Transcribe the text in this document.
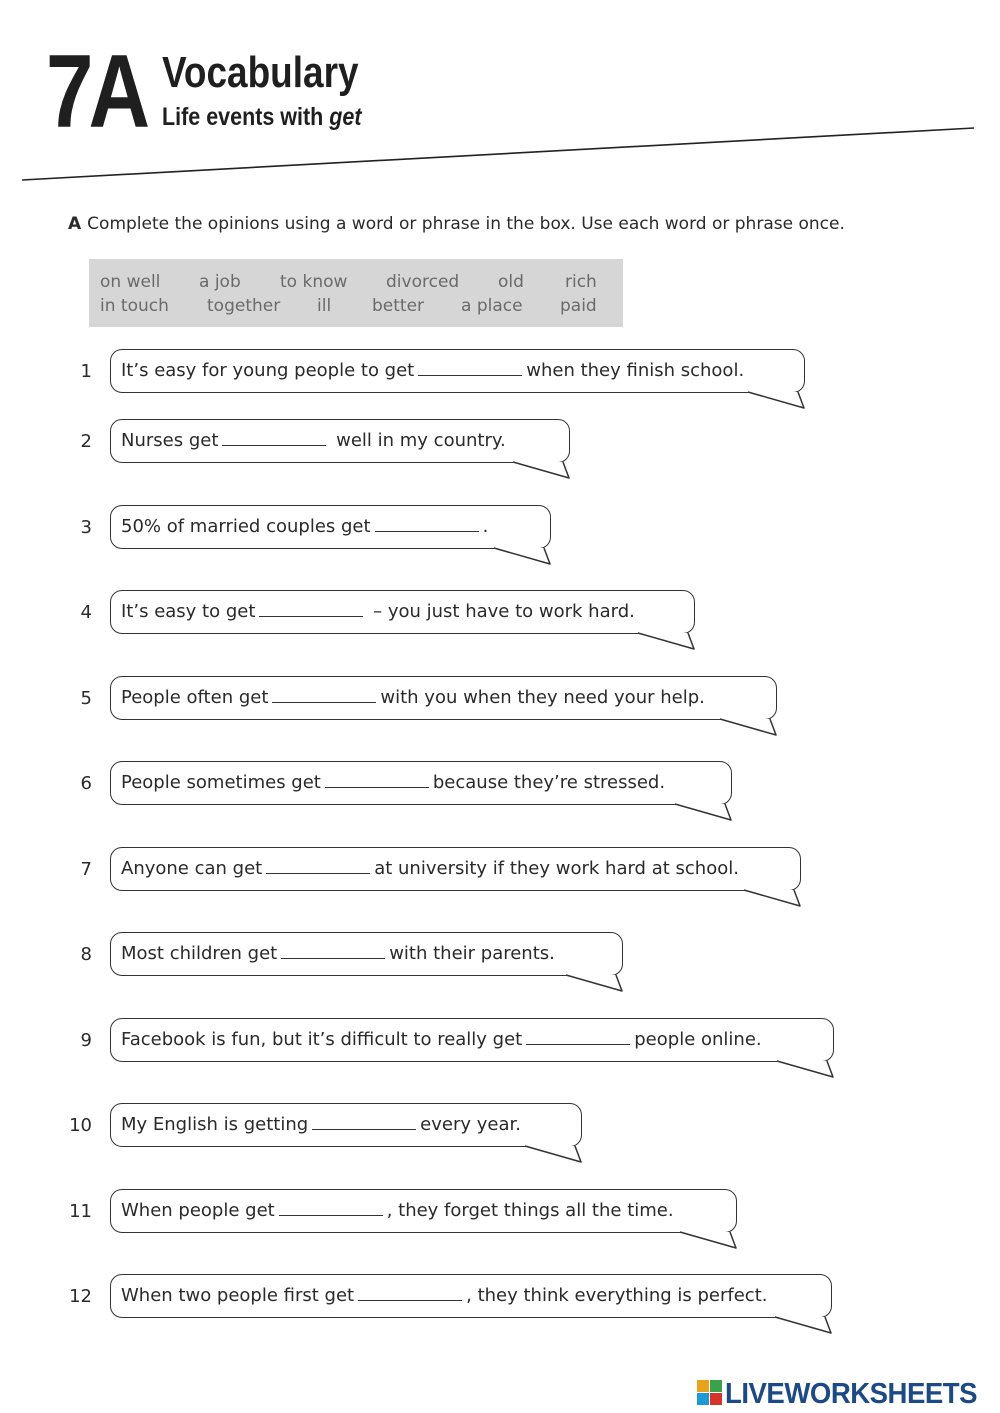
7A Vocabulary
Life events with get
A Complete the opinions using a word or phrase in the box. Use each word or phrase once.
on well a job to know divorced old rich
in touch together ill better a place paid
1 It’s easy for young people to get	when they finish school.
2 Nurses get	well in my country.
3 50% of married couples get	.
4 It’s easy to get	– you just have to work hard.
5 People often get	with you when they need your help.
6 People sometimes get	because they’re stressed.
7 Anyone can get	at university if they work hard at school.
8 Most children get	with their parents.
9 Facebook is fun, but it’s difficult to really get	people online.
10 My English is getting	every year.
11 When people get	, they forget things all the time.
12 When two people first get	, they think everything is perfect.
LIVEWORKSHEETS
